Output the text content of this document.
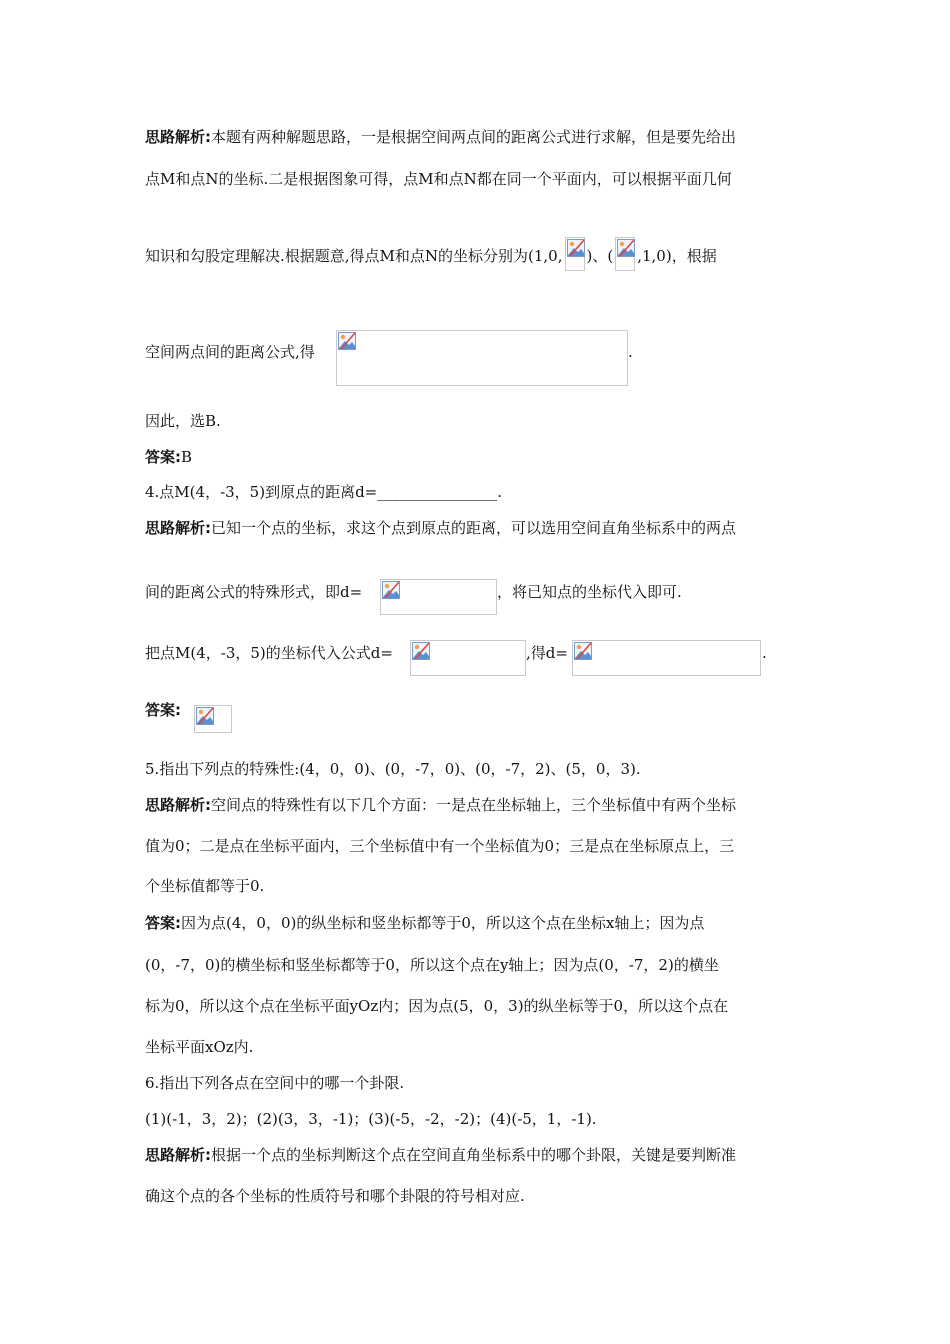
思路解析:本题有两种解题思路，一是根据空间两点间的距离公式进行求解，但是要先给出
点M和点N的坐标.二是根据图象可得，点M和点N都在同一个平面内，可以根据平面几何
知识和勾股定理解决.根据题意,得点M和点N的坐标分别为(1,0, )、( ,1,0)，根据
空间两点间的距离公式,得	.
因此，选B.
答案:B
4.点M(4，-3，5)到原点的距离d=________________.
思路解析:已知一个点的坐标，求这个点到原点的距离，可以选用空间直角坐标系中的两点
间的距离公式的特殊形式，即d=	，将已知点的坐标代入即可.
把点M(4，-3，5)的坐标代入公式d=	,得d=	.
答案:
5.指出下列点的特殊性:(4，0，0)、(0，-7，0)、(0，-7，2)、(5，0，3).
思路解析:空间点的特殊性有以下几个方面：一是点在坐标轴上，三个坐标值中有两个坐标
值为0；二是点在坐标平面内，三个坐标值中有一个坐标值为0；三是点在坐标原点上，三
个坐标值都等于0.
答案:因为点(4，0，0)的纵坐标和竖坐标都等于0，所以这个点在坐标x轴上；因为点
(0，-7，0)的横坐标和竖坐标都等于0，所以这个点在y轴上；因为点(0，-7，2)的横坐
标为0，所以这个点在坐标平面yOz内；因为点(5，0，3)的纵坐标等于0，所以这个点在
坐标平面xOz内.
6.指出下列各点在空间中的哪一个卦限.
(1)(-1，3，2)；(2)(3，3，-1)；(3)(-5，-2，-2)；(4)(-5，1，-1).
思路解析:根据一个点的坐标判断这个点在空间直角坐标系中的哪个卦限，关键是要判断准
确这个点的各个坐标的性质符号和哪个卦限的符号相对应.
